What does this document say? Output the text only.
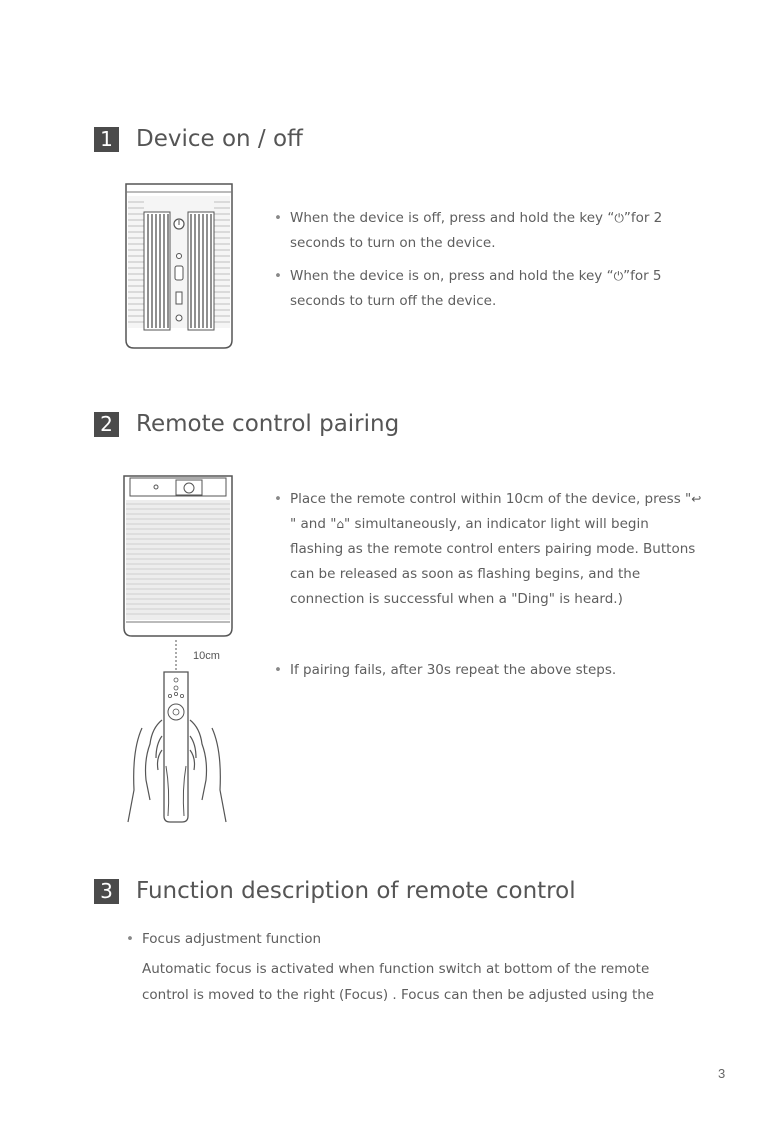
1 Device on / off
• When the device is off, press and hold the key “⏻”for 2 seconds to turn on the device.
• When the device is on, press and hold the key “⏻”for 5 seconds to turn off the device.
2 Remote control pairing
10cm
• Place the remote control within 10cm of the device, press "↩" and "⌂" simultaneously, an indicator light will begin flashing as the remote control enters pairing mode. Buttons can be released as soon as flashing begins, and the connection is successful when a "Ding" is heard.)
• If pairing fails, after 30s repeat the above steps.
3 Function description of remote control
• Focus adjustment function
Automatic focus is activated when function switch at bottom of the remote control is moved to the right (Focus) . Focus can then be adjusted using the
3
